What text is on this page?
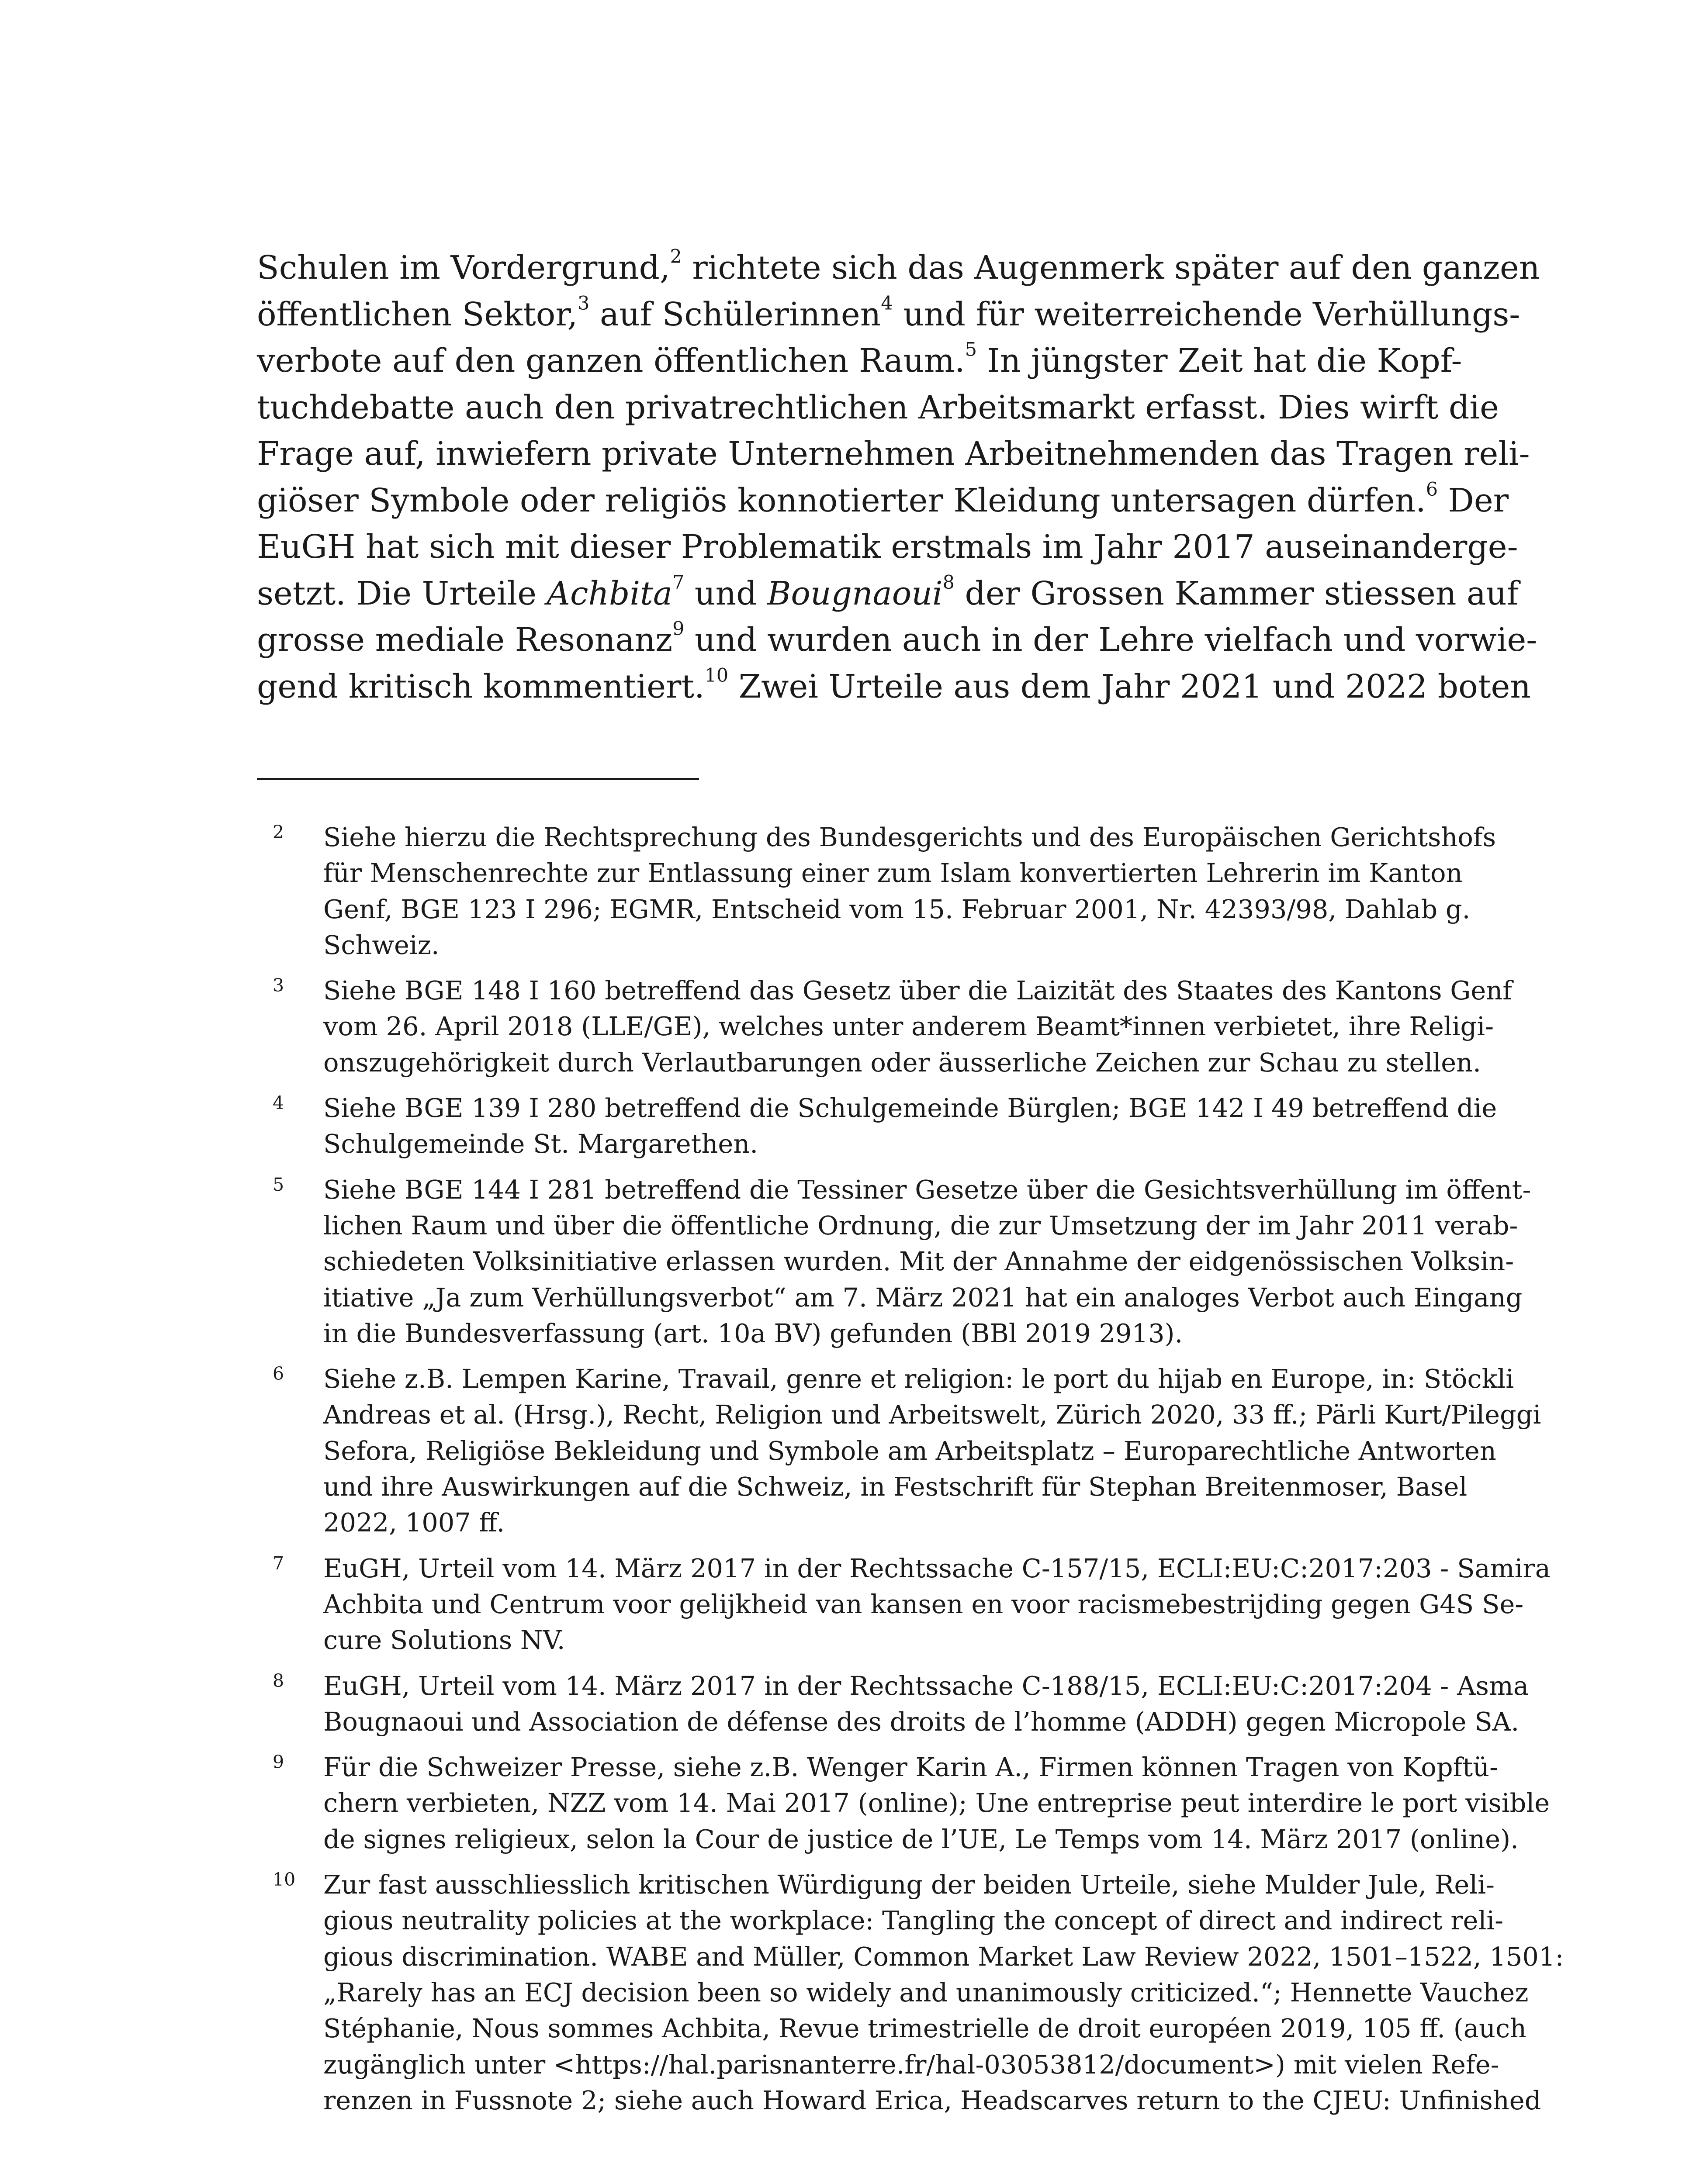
Schulen im Vordergrund,$^2$ richtete sich das Augenmerk später auf den ganzen
öffentlichen Sektor,$^3$ auf Schülerinnen$^4$ und für weiterreichende Verhüllungs-
verbote auf den ganzen öffentlichen Raum.$^5$ In jüngster Zeit hat die Kopf-
tuchdebatte auch den privatrechtlichen Arbeitsmarkt erfasst. Dies wirft die
Frage auf, inwiefern private Unternehmen Arbeitnehmenden das Tragen reli-
giöser Symbole oder religiös konnotierter Kleidung untersagen dürfen.$^6$ Der
EuGH hat sich mit dieser Problematik erstmals im Jahr 2017 auseinanderge-
setzt. Die Urteile Achbita$^7$ und Bougnaoui$^8$ der Grossen Kammer stiessen auf
grosse mediale Resonanz$^9$ und wurden auch in der Lehre vielfach und vorwie-
gend kritisch kommentiert.$^{10}$ Zwei Urteile aus dem Jahr 2021 und 2022 boten
2 Siehe hierzu die Rechtsprechung des Bundesgerichts und des Europäischen Gerichtshofs
für Menschenrechte zur Entlassung einer zum Islam konvertierten Lehrerin im Kanton
Genf, BGE 123 I 296; EGMR, Entscheid vom 15. Februar 2001, Nr. 42393/98, Dahlab g.
Schweiz.
3 Siehe BGE 148 I 160 betreffend das Gesetz über die Laizität des Staates des Kantons Genf
vom 26. April 2018 (LLE/GE), welches unter anderem Beamt*innen verbietet, ihre Religi-
onszugehörigkeit durch Verlautbarungen oder äusserliche Zeichen zur Schau zu stellen.
4 Siehe BGE 139 I 280 betreffend die Schulgemeinde Bürglen; BGE 142 I 49 betreffend die
Schulgemeinde St. Margarethen.
5 Siehe BGE 144 I 281 betreffend die Tessiner Gesetze über die Gesichtsverhüllung im öffent-
lichen Raum und über die öffentliche Ordnung, die zur Umsetzung der im Jahr 2011 verab-
schiedeten Volksinitiative erlassen wurden. Mit der Annahme der eidgenössischen Volksin-
itiative „Ja zum Verhüllungsverbot“ am 7. März 2021 hat ein analoges Verbot auch Eingang
in die Bundesverfassung (art. 10a BV) gefunden (BBl 2019 2913).
6 Siehe z.B. Lempen Karine, Travail, genre et religion: le port du hijab en Europe, in: Stöckli
Andreas et al. (Hrsg.), Recht, Religion und Arbeitswelt, Zürich 2020, 33 ff.; Pärli Kurt/Pileggi
Sefora, Religiöse Bekleidung und Symbole am Arbeitsplatz – Europarechtliche Antworten
und ihre Auswirkungen auf die Schweiz, in Festschrift für Stephan Breitenmoser, Basel
2022, 1007 ff.
7 EuGH, Urteil vom 14. März 2017 in der Rechtssache C-157/15, ECLI:EU:C:2017:203 - Samira
Achbita und Centrum voor gelijkheid van kansen en voor racismebestrijding gegen G4S Se-
cure Solutions NV.
8 EuGH, Urteil vom 14. März 2017 in der Rechtssache C-188/15, ECLI:EU:C:2017:204 - Asma
Bougnaoui und Association de défense des droits de l’homme (ADDH) gegen Micropole SA.
9 Für die Schweizer Presse, siehe z.B. Wenger Karin A., Firmen können Tragen von Kopftü-
chern verbieten, NZZ vom 14. Mai 2017 (online); Une entreprise peut interdire le port visible
de signes religieux, selon la Cour de justice de l’UE, Le Temps vom 14. März 2017 (online).
10 Zur fast ausschliesslich kritischen Würdigung der beiden Urteile, siehe Mulder Jule, Reli-
gious neutrality policies at the workplace: Tangling the concept of direct and indirect reli-
gious discrimination. WABE and Müller, Common Market Law Review 2022, 1501–1522, 1501:
„Rarely has an ECJ decision been so widely and unanimously criticized.“; Hennette Vauchez
Stéphanie, Nous sommes Achbita, Revue trimestrielle de droit européen 2019, 105 ff. (auch
zugänglich unter <https://hal.parisnanterre.fr/hal-03053812/document>) mit vielen Refe-
renzen in Fussnote 2; siehe auch Howard Erica, Headscarves return to the CJEU: Unfinished
